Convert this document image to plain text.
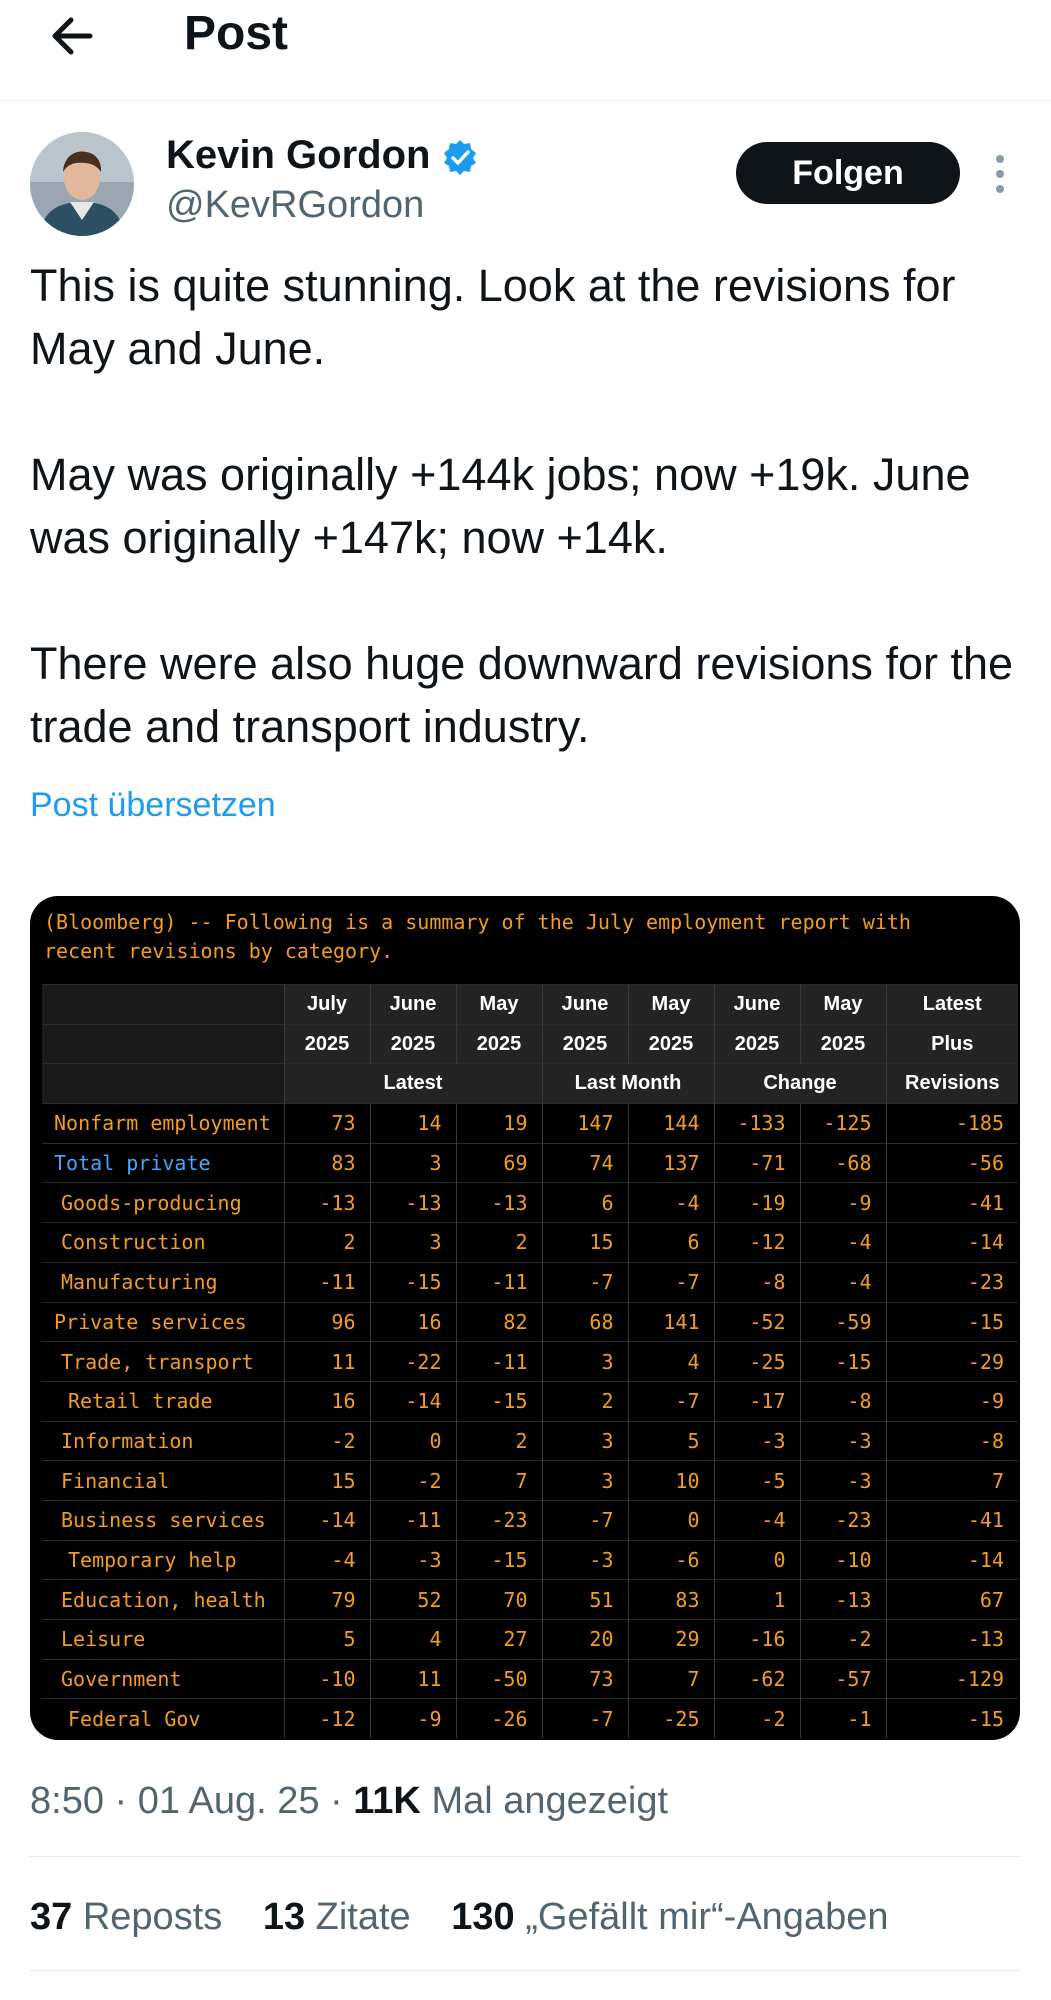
Post
Kevin Gordon
@KevRGordon
Folgen

This is quite stunning. Look at the revisions for May and June.

May was originally +144k jobs; now +19k. June was originally +147k; now +14k.

There were also huge downward revisions for the trade and transport industry.

Post übersetzen
(Bloomberg) -- Following is a summary of the July employment report with
recent revisions by category.
	July	June	May	June	May	June	May	Latest
	2025	2025	2025	2025	2025	2025	2025	Plus
	Latest			Last Month		Change		Revisions
Nonfarm employment	73	14	19	147	144	-133	-125	-185
Total private	83	3	69	74	137	-71	-68	-56
Goods-producing	-13	-13	-13	6	-4	-19	-9	-41
Construction	2	3	2	15	6	-12	-4	-14
Manufacturing	-11	-15	-11	-7	-7	-8	-4	-23
Private services	96	16	82	68	141	-52	-59	-15
Trade, transport	11	-22	-11	3	4	-25	-15	-29
Retail trade	16	-14	-15	2	-7	-17	-8	-9
Information	-2	0	2	3	5	-3	-3	-8
Financial	15	-2	7	3	10	-5	-3	7
Business services	-14	-11	-23	-7	0	-4	-23	-41
Temporary help	-4	-3	-15	-3	-6	0	-10	-14
Education, health	79	52	70	51	83	1	-13	67
Leisure	5	4	27	20	29	-16	-2	-13
Government	-10	11	-50	73	7	-62	-57	-129
Federal Gov	-12	-9	-26	-7	-25	-2	-1	-15
8:50 · 01 Aug. 25 · 11K Mal angezeigt
37 Reposts 13 Zitate 130 „Gefällt mir“-Angaben
